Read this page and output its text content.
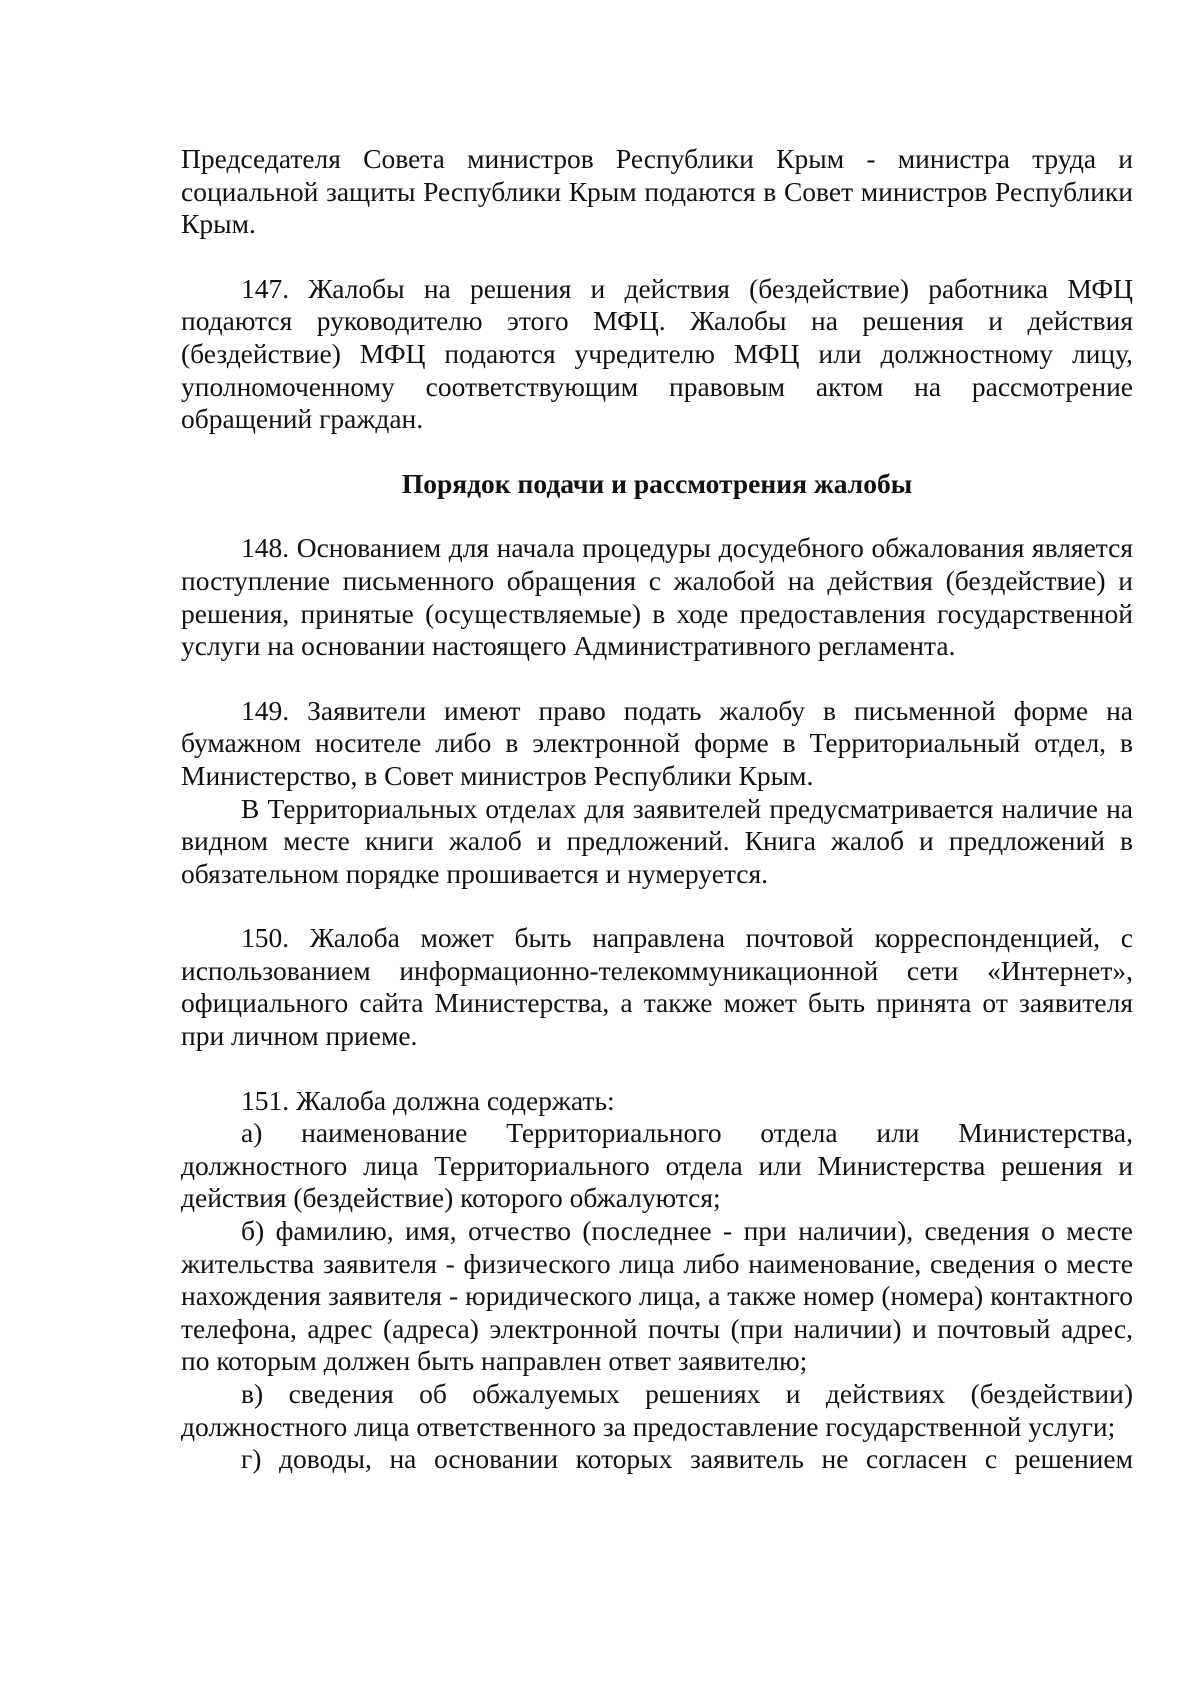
Председателя Совета министров Республики Крым - министра труда и социальной защиты Республики Крым подаются в Совет министров Республики Крым.

147. Жалобы на решения и действия (бездействие) работника МФЦ подаются руководителю этого МФЦ. Жалобы на решения и действия (бездействие) МФЦ подаются учредителю МФЦ или должностному лицу, уполномоченному соответствующим правовым актом на рассмотрение обращений граждан.

Порядок подачи и рассмотрения жалобы

148. Основанием для начала процедуры досудебного обжалования является поступление письменного обращения с жалобой на действия (бездействие) и решения, принятые (осуществляемые) в ходе предоставления государственной услуги на основании настоящего Административного регламента.

149. Заявители имеют право подать жалобу в письменной форме на бумажном носителе либо в электронной форме в Территориальный отдел, в Министерство, в Совет министров Республики Крым.

В Территориальных отделах для заявителей предусматривается наличие на видном месте книги жалоб и предложений. Книга жалоб и предложений в обязательном порядке прошивается и нумеруется.

150. Жалоба может быть направлена почтовой корреспонденцией, с использованием информационно-телекоммуникационной сети «Интернет», официального сайта Министерства, а также может быть принята от заявителя при личном приеме.

151. Жалоба должна содержать:

а) наименование Территориального отдела или Министерства, должностного лица Территориального отдела или Министерства решения и действия (бездействие) которого обжалуются;

б) фамилию, имя, отчество (последнее - при наличии), сведения о месте жительства заявителя - физического лица либо наименование, сведения о месте нахождения заявителя - юридического лица, а также номер (номера) контактного телефона, адрес (адреса) электронной почты (при наличии) и почтовый адрес, по которым должен быть направлен ответ заявителю;

в) сведения об обжалуемых решениях и действиях (бездействии) должностного лица ответственного за предоставление государственной услуги;

г) доводы, на основании которых заявитель не согласен с решением
